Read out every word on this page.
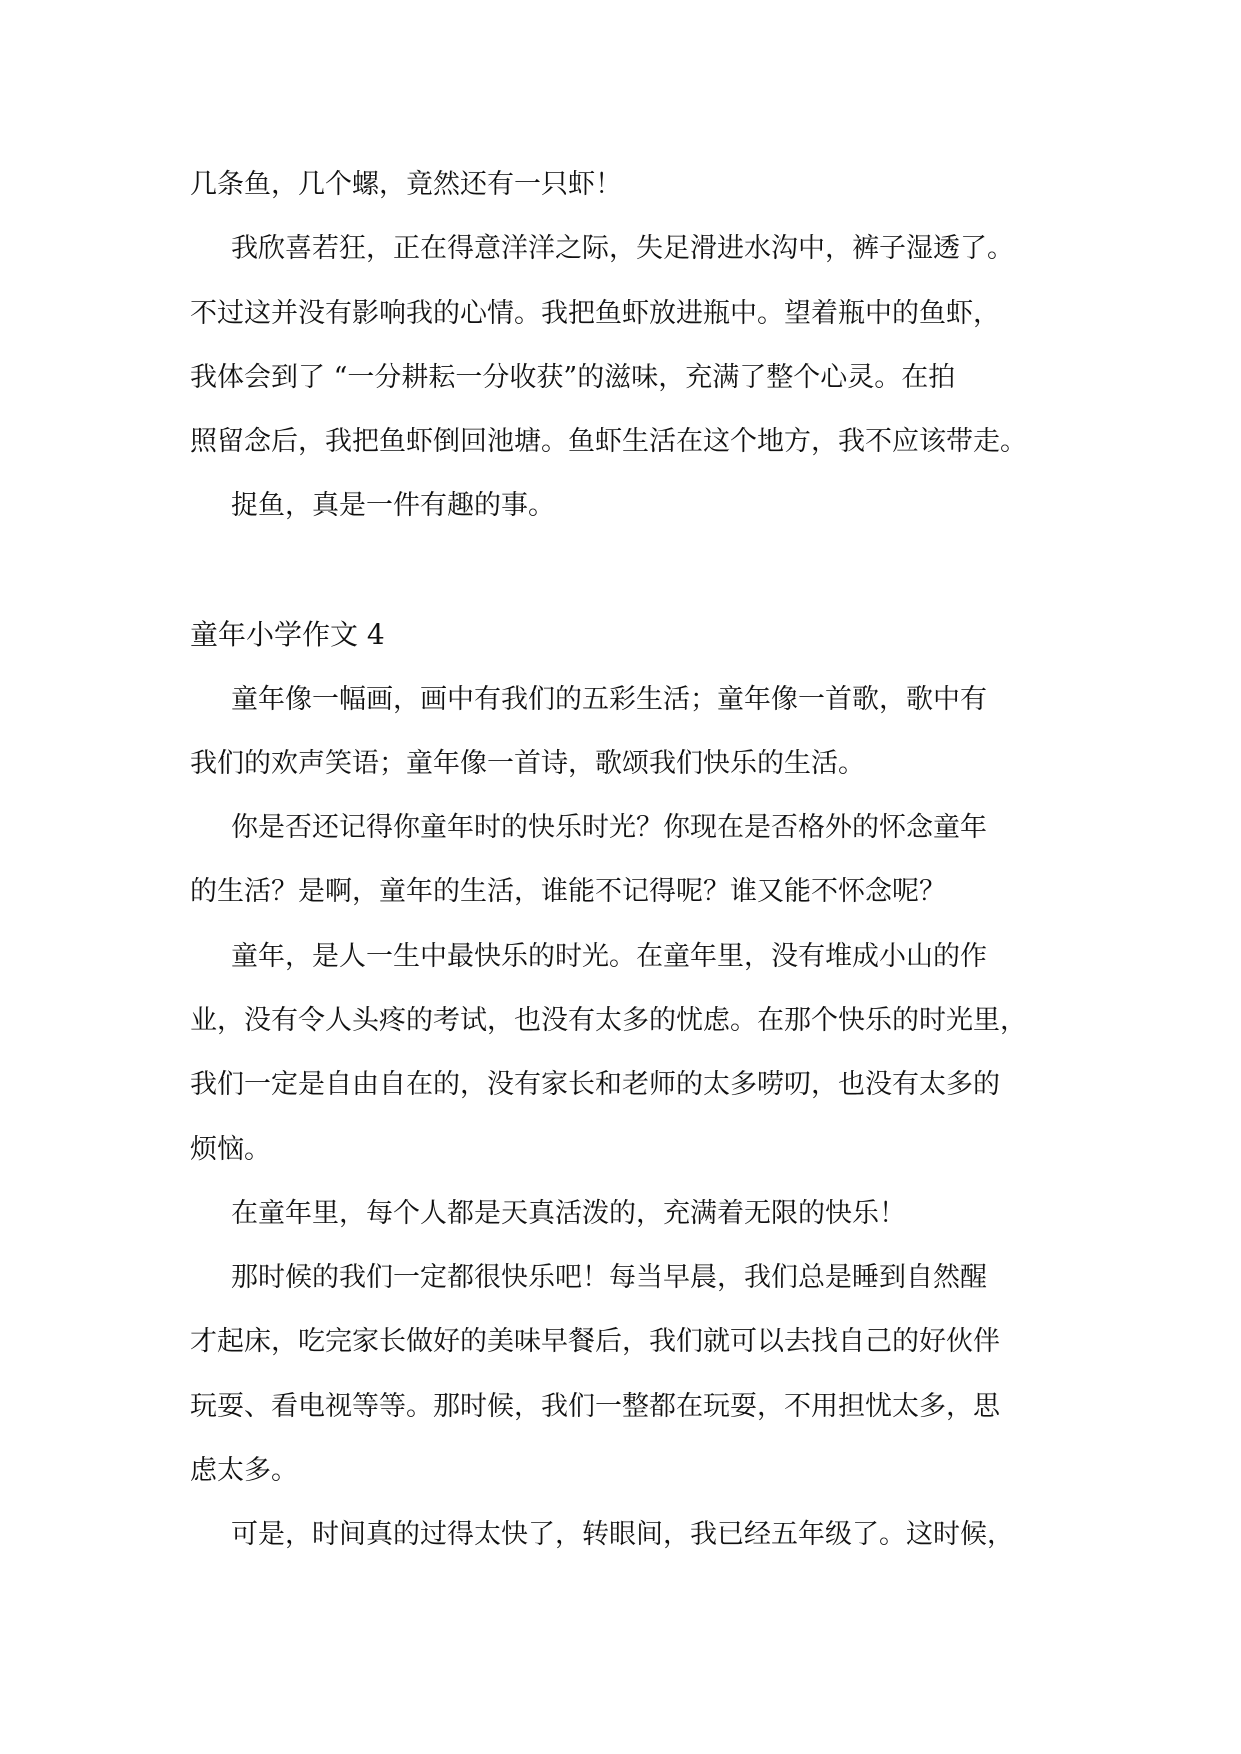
几条鱼，几个螺，竟然还有一只虾！
我欣喜若狂，正在得意洋洋之际，失足滑进水沟中，裤子湿透了。
不过这并没有影响我的心情。我把鱼虾放进瓶中。望着瓶中的鱼虾，
我体会到了 “一分耕耘一分收获”的滋味，充满了整个心灵。在拍
照留念后，我把鱼虾倒回池塘。鱼虾生活在这个地方，我不应该带走。
捉鱼，真是一件有趣的事。
童年小学作文 4
童年像一幅画，画中有我们的五彩生活；童年像一首歌，歌中有
我们的欢声笑语；童年像一首诗，歌颂我们快乐的生活。
你是否还记得你童年时的快乐时光？你现在是否格外的怀念童年
的生活？是啊，童年的生活，谁能不记得呢？谁又能不怀念呢？
童年，是人一生中最快乐的时光。在童年里，没有堆成小山的作
业，没有令人头疼的考试，也没有太多的忧虑。在那个快乐的时光里，
我们一定是自由自在的，没有家长和老师的太多唠叨，也没有太多的
烦恼。
在童年里，每个人都是天真活泼的，充满着无限的快乐！
那时候的我们一定都很快乐吧！每当早晨，我们总是睡到自然醒
才起床，吃完家长做好的美味早餐后，我们就可以去找自己的好伙伴
玩耍、看电视等等。那时候，我们一整都在玩耍，不用担忧太多，思
虑太多。
可是，时间真的过得太快了，转眼间，我已经五年级了。这时候，
